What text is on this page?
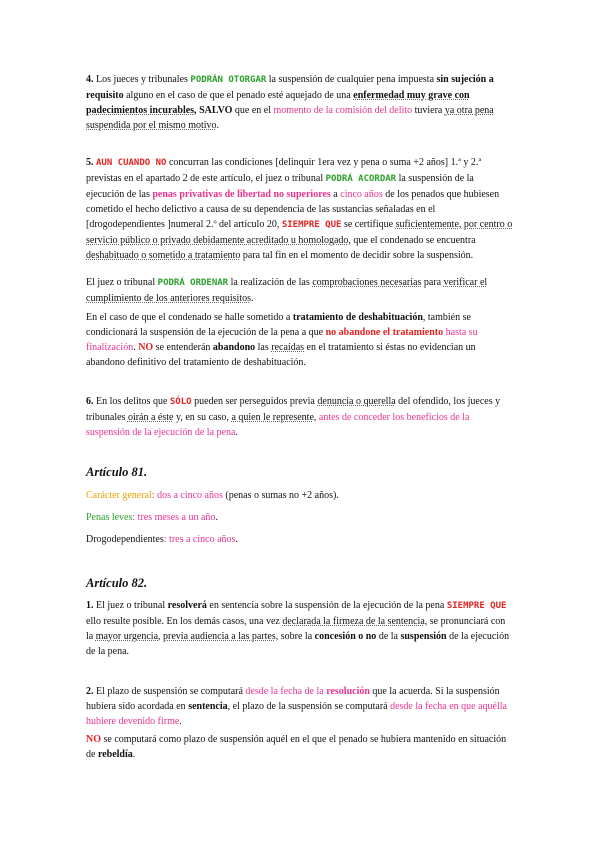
4. Los jueces y tribunales PODRÁN OTORGAR la suspensión de cualquier pena impuesta sin sujeción a requisito alguno en el caso de que el penado esté aquejado de una enfermedad muy grave con padecimientos incurables, SALVO que en el momento de la comisión del delito tuviera ya otra pena suspendida por el mismo motivo.
5. AUN CUANDO NO concurran las condiciones [delinquir 1era vez y pena o suma +2 años] 1.ª y 2.ª previstas en el apartado 2 de este artículo, el juez o tribunal PODRÁ ACORDAR la suspensión de la ejecución de las penas privativas de libertad no superiores a cinco años de los penados que hubiesen cometido el hecho delictivo a causa de su dependencia de las sustancias señaladas en el [drogodependientes ]numeral 2.º del artículo 20, SIEMPRE QUE se certifique suficientemente, por centro o servicio público o privado debidamente acreditado u homologado, que el condenado se encuentra deshabituado o sometido a tratamiento para tal fin en el momento de decidir sobre la suspensión.
El juez o tribunal PODRÁ ORDENAR la realización de las comprobaciones necesarias para verificar el cumplimiento de los anteriores requisitos.
En el caso de que el condenado se halle sometido a tratamiento de deshabituación, también se condicionará la suspensión de la ejecución de la pena a que no abandone el tratamiento hasta su finalización. NO se entenderán abandono las recaídas en el tratamiento si éstas no evidencian un abandono definitivo del tratamiento de deshabituación.
6. En los delitos que SÓLO pueden ser perseguidos previa denuncia o querella del ofendido, los jueces y tribunales oirán a éste y, en su caso, a quien le represente, antes de conceder los beneficios de la suspensión de la ejecución de la pena.
Artículo 81.
Carácter general: dos a cinco años (penas o sumas no +2 años).
Penas leves: tres meses a un año.
Drogodependientes: tres a cinco años.
Artículo 82.
1. El juez o tribunal resolverá en sentencia sobre la suspensión de la ejecución de la pena SIEMPRE QUE ello resulte posible. En los demás casos, una vez declarada la firmeza de la sentencia, se pronunciará con la mayor urgencia, previa audiencia a las partes, sobre la concesión o no de la suspensión de la ejecución de la pena.
2. El plazo de suspensión se computará desde la fecha de la resolución que la acuerda. Si la suspensión hubiera sido acordada en sentencia, el plazo de la suspensión se computará desde la fecha en que aquélla hubiere devenido firme.
NO se computará como plazo de suspensión aquél en el que el penado se hubiera mantenido en situación de rebeldía.
